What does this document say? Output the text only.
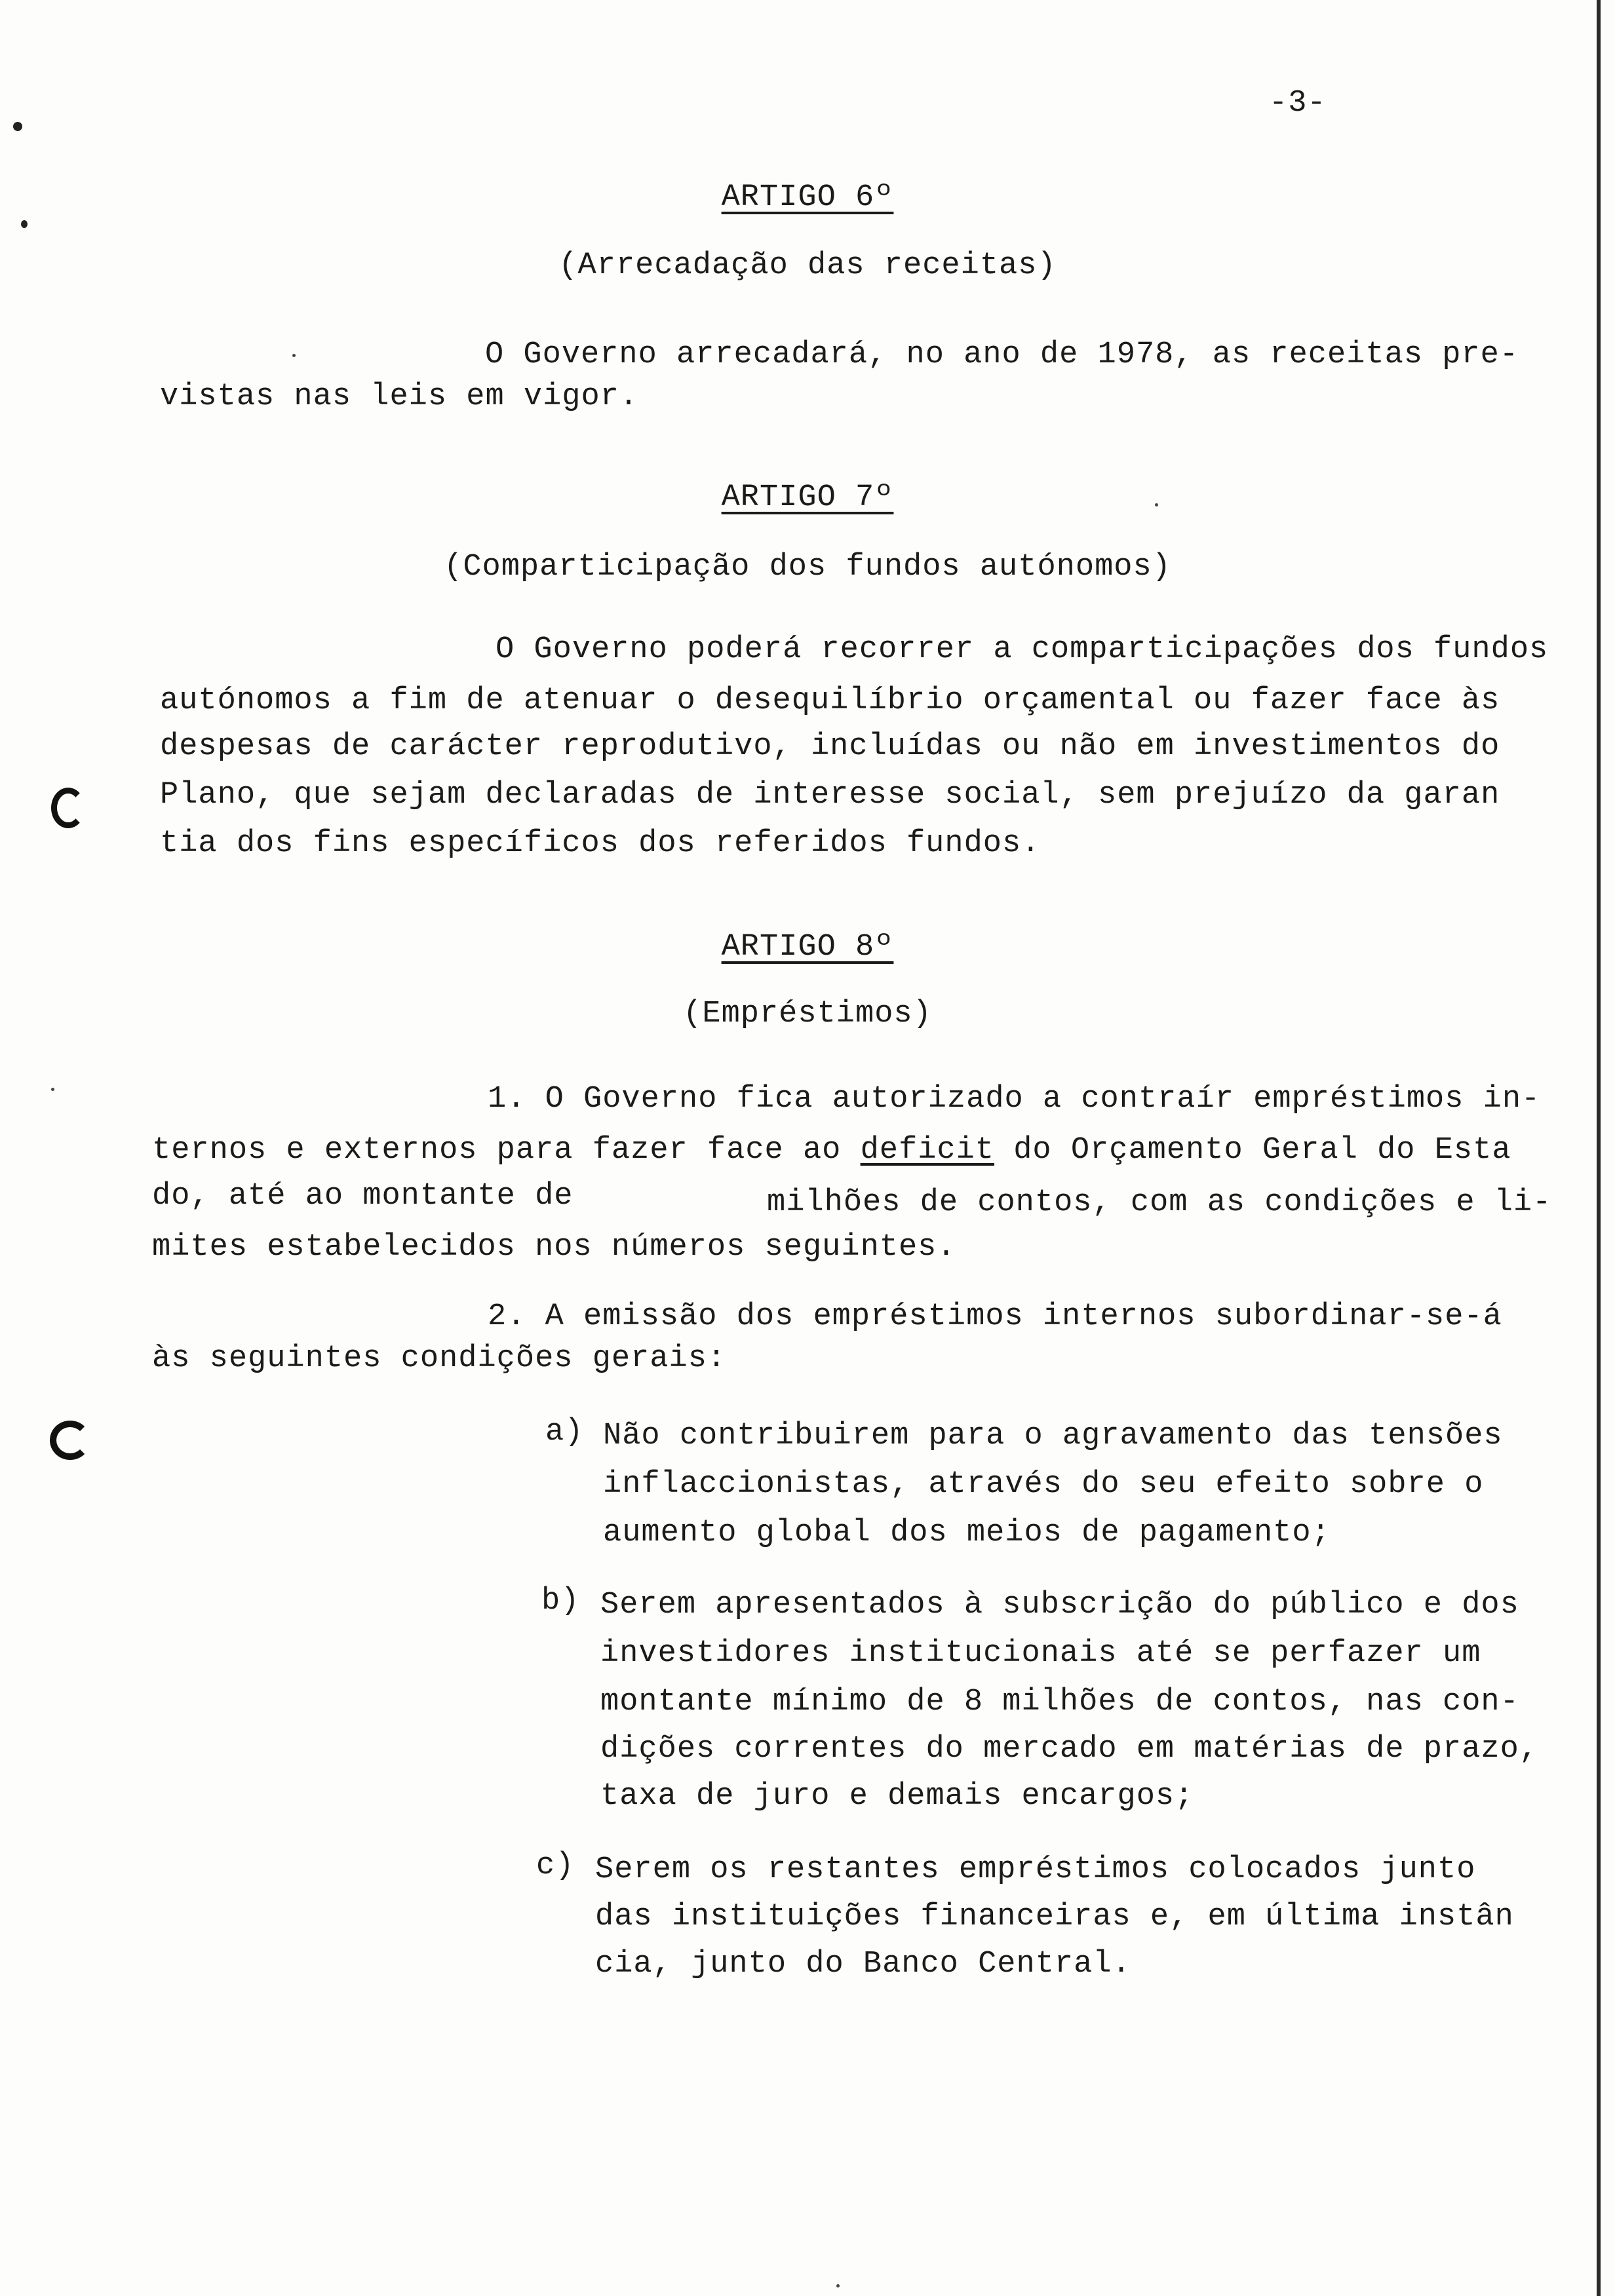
-3-
ARTIGO 6º
(Arrecadação das receitas)
O Governo arrecadará, no ano de 1978, as receitas pre-
vistas nas leis em vigor.
ARTIGO 7º
(Comparticipação dos fundos autónomos)
O Governo poderá recorrer a comparticipações dos fundos
autónomos a fim de atenuar o desequilíbrio orçamental ou fazer face às
despesas de carácter reprodutivo, incluídas ou não em investimentos do
Plano, que sejam declaradas de interesse social, sem prejuízo da garan
tia dos fins específicos dos referidos fundos.
ARTIGO 8º
(Empréstimos)
1. O Governo fica autorizado a contraír empréstimos in-
ternos e externos para fazer face ao deficit do Orçamento Geral do Esta
do, até ao montante de	milhões de contos, com as condições e li-
mites estabelecidos nos números seguintes.
2. A emissão dos empréstimos internos subordinar-se-á
às seguintes condições gerais:
a) Não contribuirem para o agravamento das tensões
inflaccionistas, através do seu efeito sobre o
aumento global dos meios de pagamento;
b) Serem apresentados à subscrição do público e dos
investidores institucionais até se perfazer um
montante mínimo de 8 milhões de contos, nas con-
dições correntes do mercado em matérias de prazo,
taxa de juro e demais encargos;
c) Serem os restantes empréstimos colocados junto
das instituições financeiras e, em última instân
cia, junto do Banco Central.
